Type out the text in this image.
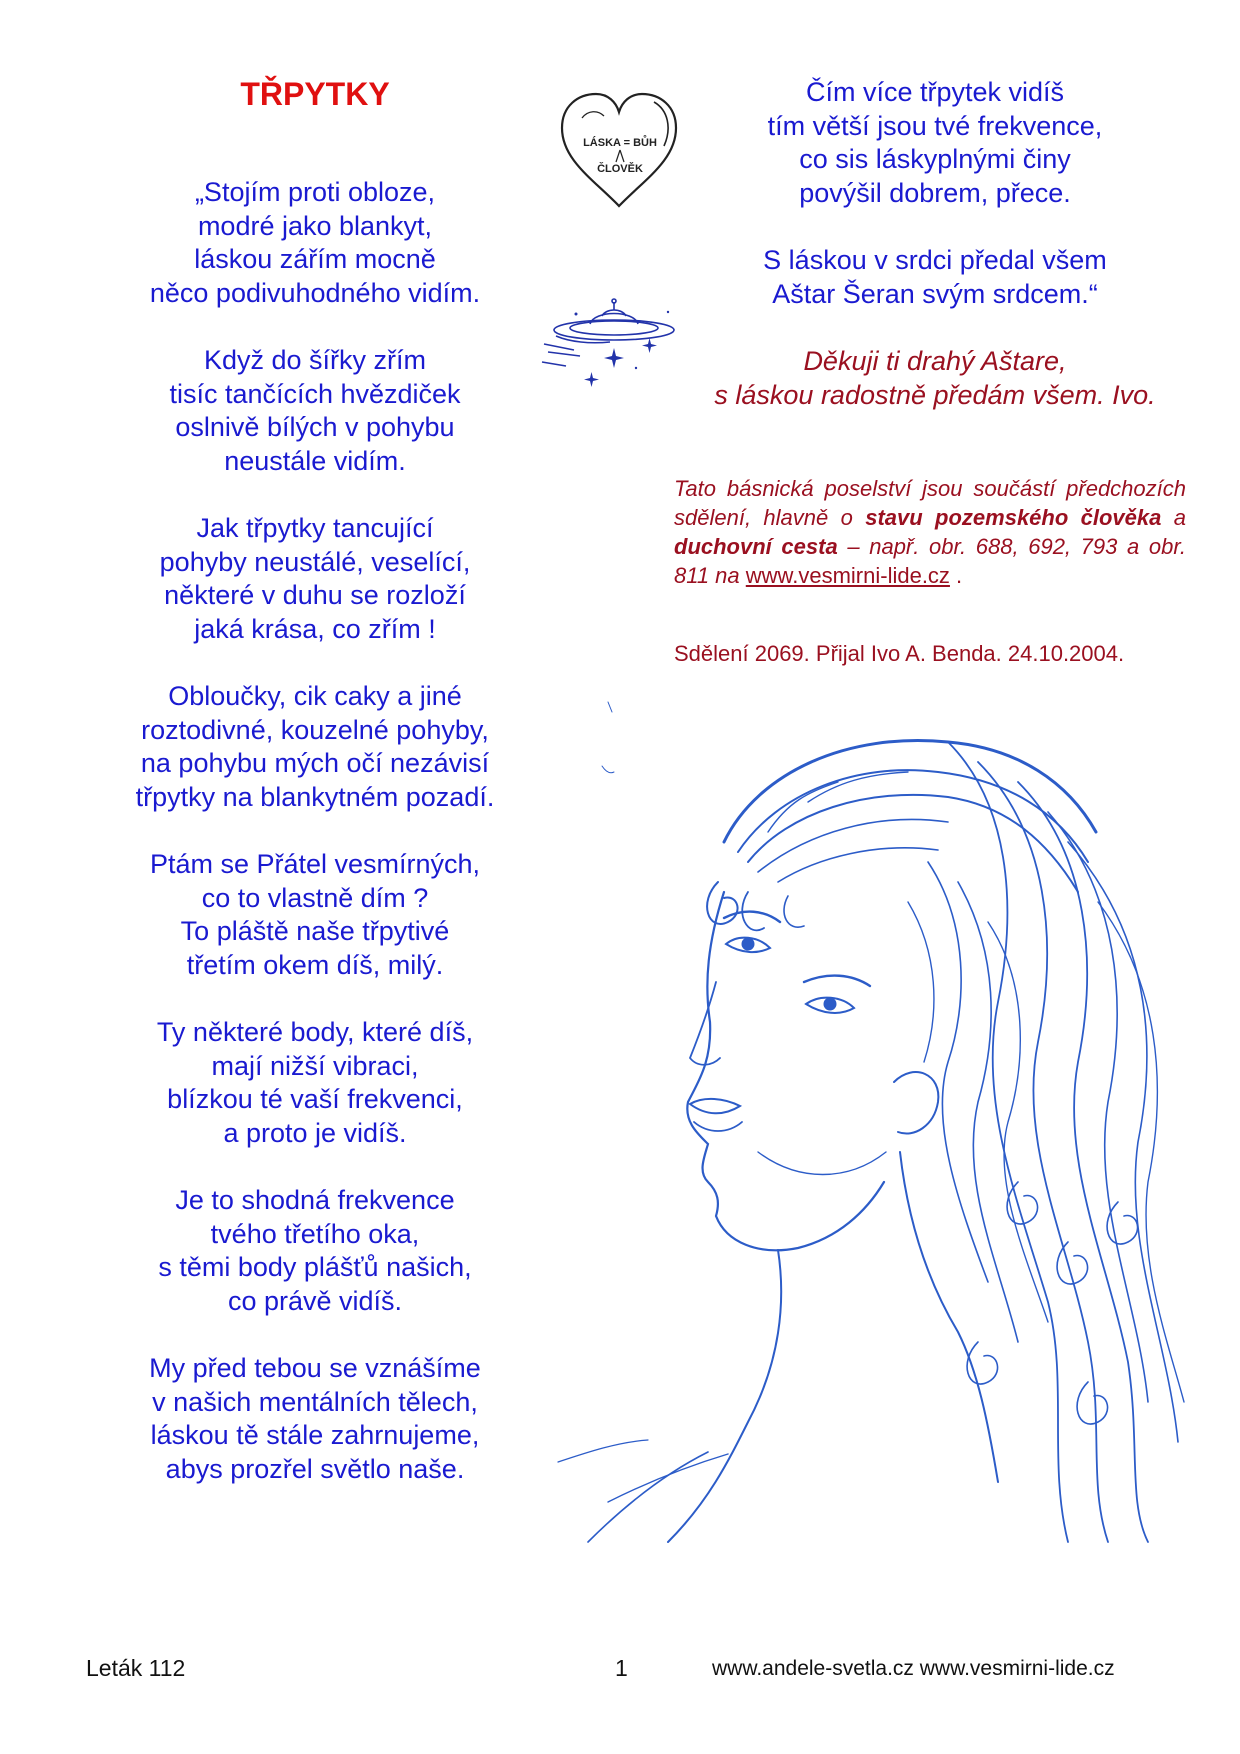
TŘPYTKY
„Stojím proti obloze,
modré jako blankyt,
láskou zářím mocně
něco podivuhodného vidím.
Když do šířky zřím
tisíc tančících hvězdiček
oslnivě bílých v pohybu
neustále vidím.
Jak třpytky tancující
pohyby neustálé, veselící,
některé v duhu se rozloží
jaká krása, co zřím !
Obloučky, cik caky a jiné
roztodivné, kouzelné pohyby,
na pohybu mých očí nezávisí
třpytky na blankytném pozadí.
Ptám se Přátel vesmírných,
co to vlastně dím ?
To pláště naše třpytivé
třetím okem díš, milý.
Ty některé body, které díš,
mají nižší vibraci,
blízkou té vaší frekvenci,
a proto je vidíš.
Je to shodná frekvence
tvého třetího oka,
s těmi body plášťů našich,
co právě vidíš.
My před tebou se vznášíme
v našich mentálních tělech,
láskou tě stále zahrnujeme,
abys prozřel světlo naše.
LÁSKA = BŮH
ČLOVĚK
Čím více třpytek vidíš
tím větší jsou tvé frekvence,
co sis láskyplnými činy
povýšil dobrem, přece.
S láskou v srdci předal všem
Aštar Šeran svým srdcem.“
Děkuji ti drahý Aštare,
s láskou radostně předám všem. Ivo.
Tato básnická poselství jsou součástí předchozích sdělení, hlavně o stavu pozemského člověka a duchovní cesta – např. obr. 688, 692, 793 a obr. 811 na www.vesmirni-lide.cz .
Sdělení 2069. Přijal Ivo A. Benda. 24.10.2004.
Leták 112	1	www.andele-svetla.cz www.vesmirni-lide.cz
